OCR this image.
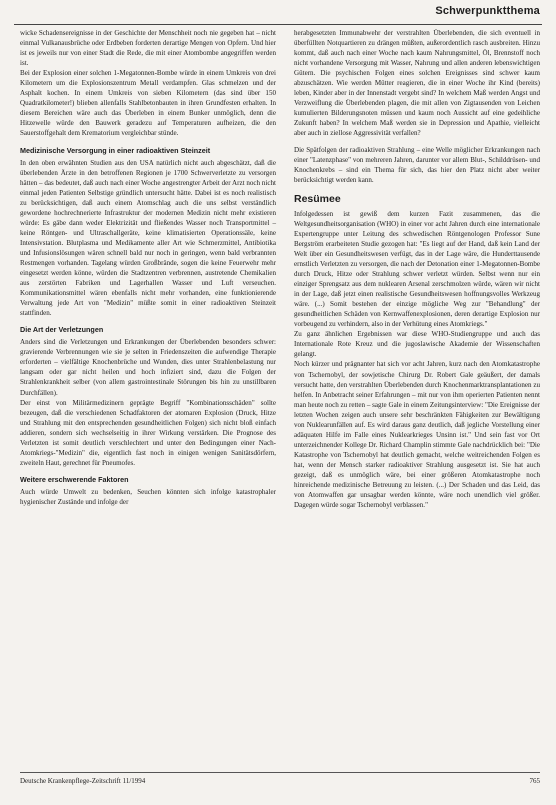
Schwerpunktthema

wicke Schadensereignisse in der Geschichte der Menschheit noch nie gegeben hat – nicht einmal Vulkanausbrüche oder Erdbeben forderten derartige Mengen von Opfern. Und hier ist es jeweils nur von einer Stadt die Rede, die mit einer Atombombe angegriffen werden ist.

Bei der Explosion einer solchen 1-Megatonnen-Bombe würde in einem Umkreis von drei Kilometern um die Explosionszentrum Metall verdampfen. Glas schmelzen und der Asphalt kochen. In einem Umkreis von sieben Kilometern (das sind über 150 Quadratkilometer!) blieben allenfalls Stahlbetonbauten in ihren Grundfesten erhalten. In diesem Bereichen wäre auch das Überleben in einem Bunker unmöglich, denn die Hitzewelle würde den Bauwerk geradezu auf Temperaturen aufheizen, die den Sauerstoffgehalt dem Krematorium vergleichbar stünde.

Medizinische Versorgung in einer radioaktiven Steinzeit

In den oben erwähnten Studien aus den USA natürlich nicht auch abgeschätzt, daß die überlebenden Ärzte in den betroffenen Regionen je 1700 Schwerverletzte zu versorgen hätten – das bedeutet, daß auch nach einer Woche angestrengter Arbeit der Arzt noch nicht einmal jeden Patienten Selbstige gründlich untersucht hätte. Dabei ist es noch realistisch zu berücksichtigen, daß auch einem Atomschlag auch die uns selbst verständlich gewordene hochrechnerierte Infrastruktur der modernen Medizin nicht mehr existieren würde: Es gäbe dann weder Elektrizität und fließendes Wasser noch Transportmittel – keine Röntgen- und Ultraschallgeräte, keine klimatisierten Operationssäle, keine Intensivstation. Blutplasma und Medikamente aller Art wie Schmerzmittel, Antibiotika und Infusionslösungen wären schnell bald nur noch in geringen, wenn bald verbrannten Restmengen vorhanden. Tagelang würden Großbrände, sogen die keine Feuerwehr mehr eingesetzt werden könne, würden die Stadtzentren verbrennen, austretende Chemikalien aus zerstörten Fabriken und Lagerhallen Wasser und Luft verseuchen. Kommunikationsmittel wären ebenfalls nicht mehr vorhanden, eine funktionierende Verwaltung jede Art von "Medizin" müßte somit in einer radioaktiven Steinzeit stattfinden.

Die Art der Verletzungen

Anders sind die Verletzungen und Erkrankungen der Überlebenden besonders schwer: gravierende Verbrennungen wie sie je selten in Friedenszeiten die aufwendige Therapie erforderten – vielfältige Knochenbrüche und Wunden, dies unter Strahlenbelastung nur langsam oder gar nicht heilen und hoch infiziert sind, dazu die Folgen der Strahlenkrankheit selber (von allem gastrointestinale Störungen bis hin zu unstillbaren Durchfällen).

Der einst von Militärmedizinern geprägte Begriff "Kombinationsschäden" sollte bezeugen, daß die verschiedenen Schadfaktoren der atomaren Explosion (Druck, Hitze und Strahlung mit den entsprechenden gesundheitlichen Folgen) sich nicht bloß einfach addieren, sondern sich wechselseitig in ihrer Wirkung verstärken. Die Prognose des Verletzten ist somit deutlich verschlechtert und unter den Bedingungen einer Nach-Atomkriegs-"Medizin" die, eigentlich fast noch in einigen wenigen Sanitätsdörfern, zweiteln Haut, gerechnet für Pneumofes.

Weitere erschwerende Faktoren

Auch würde Umwelt zu bedenken, Seuchen könnten sich infolge katastrophaler hygienischer Zustände und infolge der

herabgesetzten Immunabwehr der verstrahlten Überlebenden, die sich eventuell in überfüllten Notquartieren zu drängen müßten, außerordentlich rasch ausbreiten. Hinzu kommt, daß auch nach einer Woche nach kaum Nahrungsmittel, Öl, Brennstoff noch nicht vorhandene Versorgung mit Wasser, Nahrung und allen anderen lebenswichtigen Gütern. Die psychischen Folgen eines solchen Ereignisses sind schwer kaum abzuschätzen. Wie werden Mütter reagieren, die in einer Woche ihr Kind (bereits) leben, Kinder aber in der Innenstadt vergebt sind? In welchem Maß werden Angst und Verzweiflung die Überlebenden plagen, die mit allen von Zigtausenden von Leichen kumulierten Bilderungsnoten müssen und kaum noch Aussicht auf eine gedeihliche Zukunft haben? In welchem Maß werden sie in Depression und Apathie, vielleicht aber auch in ziellose Aggressivität verfallen?

Die Spätfolgen der radioaktiven Strahlung – eine Welle möglicher Erkrankungen nach einer "Latenzphase" von mehreren Jahren, darunter vor allem Blut-, Schilddrüsen- und Knochenkrebs – sind ein Thema für sich, das hier den Platz nicht aber weiter berücksichtigt werden kann.

Resümee

Infolgedessen ist gewiß dem kurzen Fazit zusammenen, das die Weltgesundheitsorganisation (WHO) in einer vor acht Jahren durch eine internationale Expertengruppe unter Leitung des schwedischen Röntgenologen Professor Sune Bergström erarbeiteten Studie gezogen hat: "Es liegt auf der Hand, daß kein Land der Welt über ein Gesundheitswesen verfügt, das in der Lage wäre, die Hunderttausende ernstlich Verletzten zu versorgen, die nach der Detonation einer 1-Megatonnen-Bombe durch Druck, Hitze oder Strahlung schwer verletzt würden. Selbst wenn nur ein einziger Sprengsatz aus dem nuklearen Arsenal zerschmolzen würde, wären wir nicht in der Lage, daß jetzt einen realistische Gesundheitswesen hoffnungsvolles Werkzeug wäre. (...) Somit bestehen der einzige mögliche Weg zur "Behandlung" der gesundheitlichen Schäden von Kernwaffenexplosionen, deren derartige Explosion nur vorbeugend zu verhindern, also in der Verhütung eines Atomkriegs."

Zu ganz ähnlichen Ergebnissen war diese WHO-Studiengruppe und auch das Internationale Rote Kreuz und die jugoslawische Akademie der Wissenschaften gelangt.

Noch kürzer und prägnanter hat sich vor acht Jahren, kurz nach den Atomkatastrophe von Tschernobyl, der sowjetische Chirurg Dr. Robert Gale geäußert, der damals versucht hatte, den verstrahlten Überlebenden durch Knochenmarktransplantationen zu helfen. In Anbetracht seiner Erfahrungen – mit nur von ihm operierten Patienten nennt man heute noch zu retten – sagte Gale in einem Zeitungsinterview: "Die Ereignisse der letzten Wochen zeigen auch unsere sehr beschränkten Fähigkeiten zur Bewältigung von Nuklearunfällen auf. Es wird daraus ganz deutlich, daß jegliche Vorstellung einer adäquaten Hilfe im Falle eines Nuklearkrieges Unsinn ist." Und sein fast vor Ort unterzeichnender Kollege Dr. Richard Champlin stimmte Gale nachdrücklich bei: "Die Katastrophe von Tschernobyl hat deutlich gemacht, welche weitreichenden Folgen es hat, wenn der Mensch starker radioaktiver Strahlung ausgesetzt ist. Sie hat auch gezeigt, daß es unmöglich wäre, bei einer größeren Atomkatastrophe noch hinreichende medizinische Betreuung zu leisten. (...) Der Schaden und das Leid, das von Atomwaffen gar unsagbar werden könnte, wäre noch unendlich viel größer. Dagegen würde sogar Tschernobyl verblassen."

Deutsche Krankenpflege-Zeitschrift 11/1994	765
